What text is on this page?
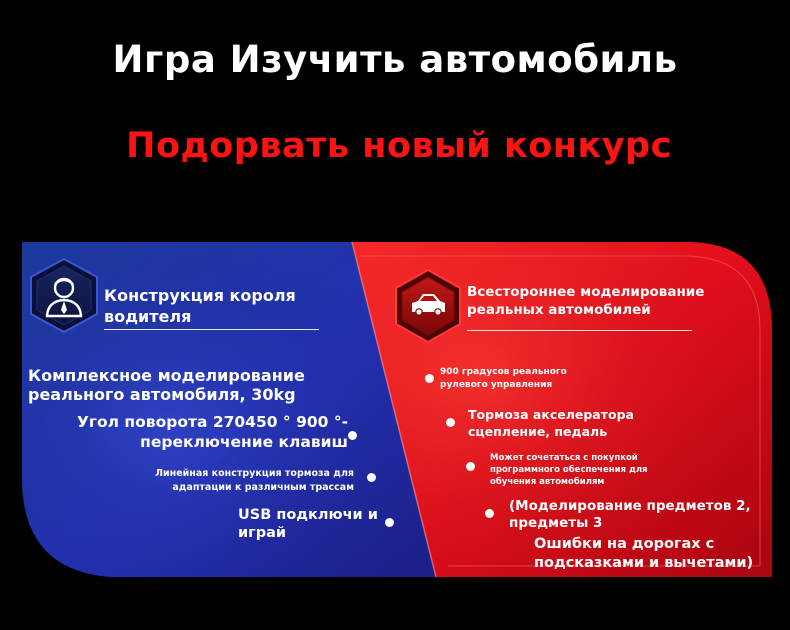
Игра Изучить автомобиль
Подорвать новый конкурс
Конструкция короля
водителя
Комплексное моделирование
реального автомобиля, 30kg
Угол поворота 270450 ° 900 °-
переключение клавиш
Линейная конструкция тормоза для
адаптации к различным трассам
USB подключи и
играй
Всестороннее моделирование
реальных автомобилей
900 градусов реального
рулевого управления
Тормоза акселератора
сцепление, педаль
Может сочетаться с покупкой
программного обеспечения для
обучения автомобилям
(Моделирование предметов 2,
предметы 3
Ошибки на дорогах с
подсказками и вычетами)
